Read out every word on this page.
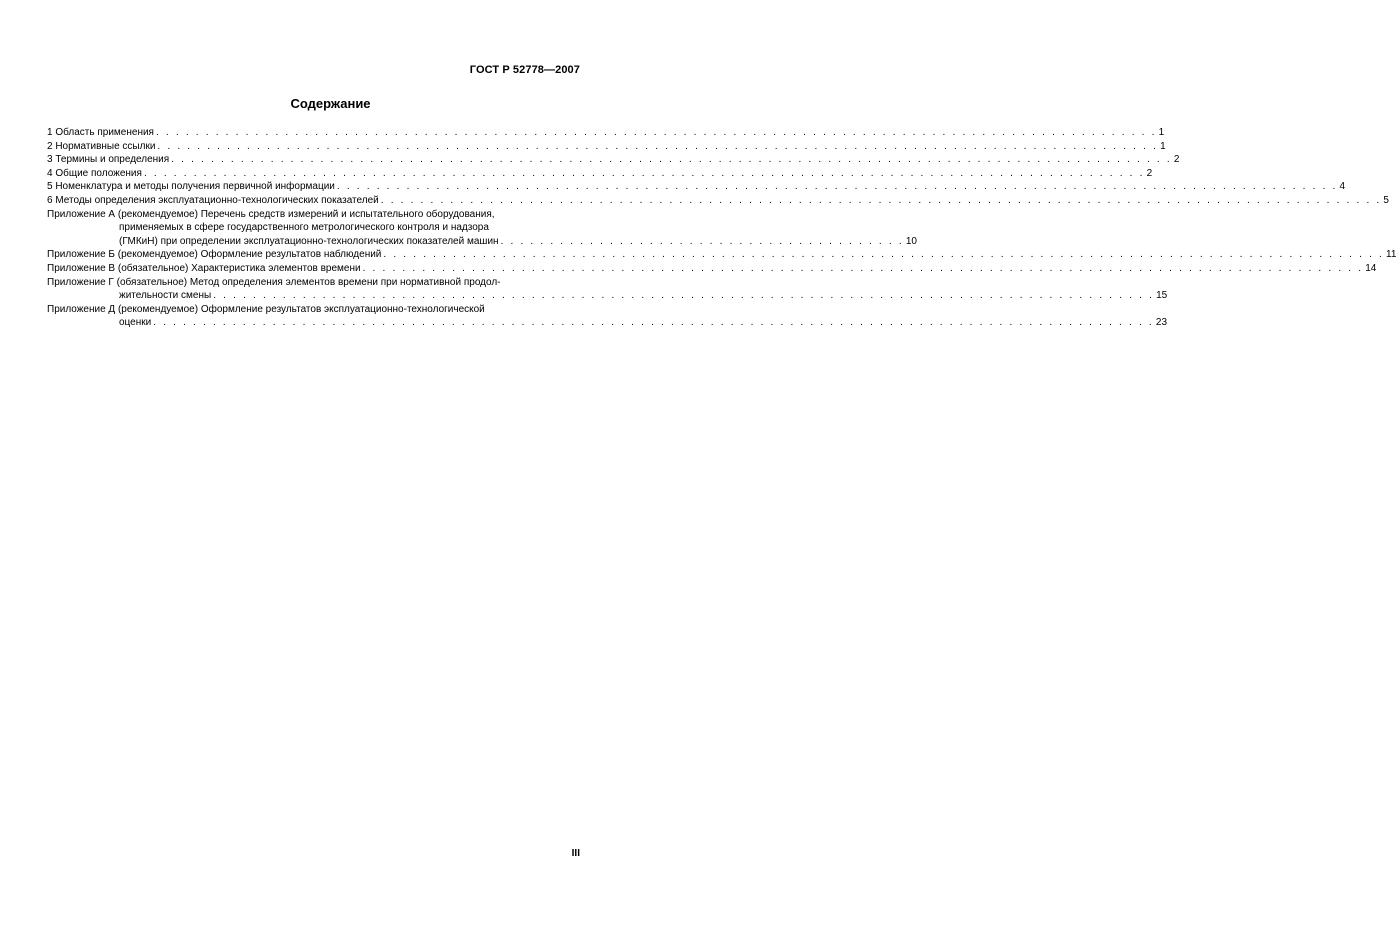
ГОСТ Р 52778—2007
Содержание
1 Область применения . . . . . . . . . . . . . . . . . . . . . . . . . . . . . . . . . . . . . . . . . . . . . . . . . . . . . . . . . . . . . . . . . . . . . . . . . . . . . . . . . . . . . . . . . . . . . . . . . . . . . 1
2 Нормативные ссылки . . . . . . . . . . . . . . . . . . . . . . . . . . . . . . . . . . . . . . . . . . . . . . . . . . . . . . . . . . . . . . . . . . . . . . . . . . . . . . . . . . . . . . . . . . . . . . . . . . . . . 1
3 Термины и определения . . . . . . . . . . . . . . . . . . . . . . . . . . . . . . . . . . . . . . . . . . . . . . . . . . . . . . . . . . . . . . . . . . . . . . . . . . . . . . . . . . . . . . . . . . . . . . . . . . . . . 2
4 Общие положения . . . . . . . . . . . . . . . . . . . . . . . . . . . . . . . . . . . . . . . . . . . . . . . . . . . . . . . . . . . . . . . . . . . . . . . . . . . . . . . . . . . . . . . . . . . . . . . . . . . . . 2
5 Номенклатура и методы получения первичной информации . . . . . . . . . . . . . . . . . . . . . . . . . . . . . . . . . . . . . . . . . . . . . . . . . . . . . . . . . . . . . . . . . . . . . . . . . . . . . . . . . . . . . . . . . . . . . . . . . . . . . 4
6 Методы определения эксплуатационно-технологических показателей . . . . . . . . . . . . . . . . . . . . . . . . . . . . . . . . . . . . . . . . . . . . . . . . . . . . . . . . . . . . . . . . . . . . . . . . . . . . . . . . . . . . . . . . . . . . . . . . . . . . . 5
Приложение А (рекомендуемое) Перечень средств измерений и испытательного оборудования,
применяемых в сфере государственного метрологического контроля и надзора
(ГМКиН) при определении эксплуатационно-технологических показателей машин . . . . . . . . . . . . . . . . . . . . . . . . . . . . . . . . . . . . . . . . . 10
Приложение Б (рекомендуемое) Оформление результатов наблюдений . . . . . . . . . . . . . . . . . . . . . . . . . . . . . . . . . . . . . . . . . . . . . . . . . . . . . . . . . . . . . . . . . . . . . . . . . . . . . . . . . . . . . . . . . . . . . . . . . . . . . 11
Приложение В (обязательное) Характеристика элементов времени . . . . . . . . . . . . . . . . . . . . . . . . . . . . . . . . . . . . . . . . . . . . . . . . . . . . . . . . . . . . . . . . . . . . . . . . . . . . . . . . . . . . . . . . . . . . . . . . . . . . . 14
Приложение Г (обязательное) Метод определения элементов времени при нормативной продол-
жительности смены . . . . . . . . . . . . . . . . . . . . . . . . . . . . . . . . . . . . . . . . . . . . . . . . . . . . . . . . . . . . . . . . . . . . . . . . . . . . . . . . . . . . . . . . . . . . . . . 15
Приложение Д (рекомендуемое) Оформление результатов эксплуатационно-технологической
оценки . . . . . . . . . . . . . . . . . . . . . . . . . . . . . . . . . . . . . . . . . . . . . . . . . . . . . . . . . . . . . . . . . . . . . . . . . . . . . . . . . . . . . . . . . . . . . . . . . . . . . 23
III
